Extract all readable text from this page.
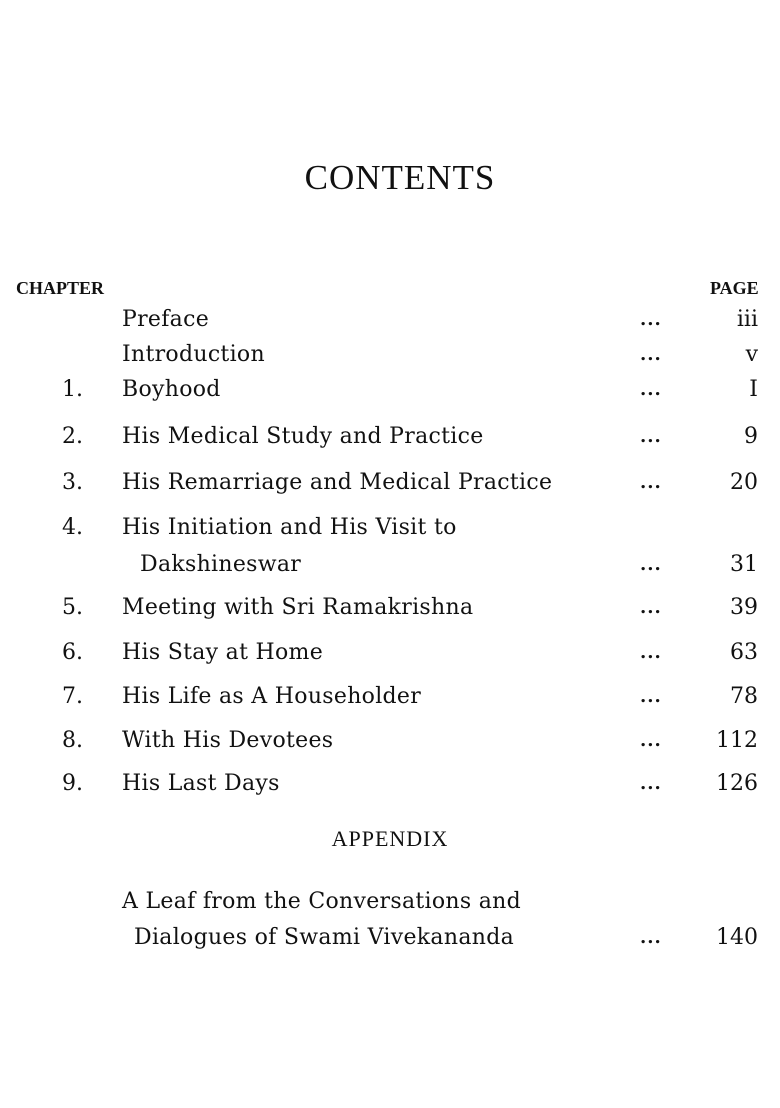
CONTENTS
CHAPTER	PAGE
Preface	...	iii
Introduction	...	v
1.	Boyhood	...	I
2.	His Medical Study and Practice	...	9
3.	His Remarriage and Medical Practice	...	20
4.	His Initiation and His Visit to
Dakshineswar	...	31
5.	Meeting with Sri Ramakrishna	...	39
6.	His Stay at Home	...	63
7.	His Life as A Householder	...	78
8.	With His Devotees	...	112
9.	His Last Days	...	126
APPENDIX
A Leaf from the Conversations and
Dialogues of Swami Vivekananda	...	140
